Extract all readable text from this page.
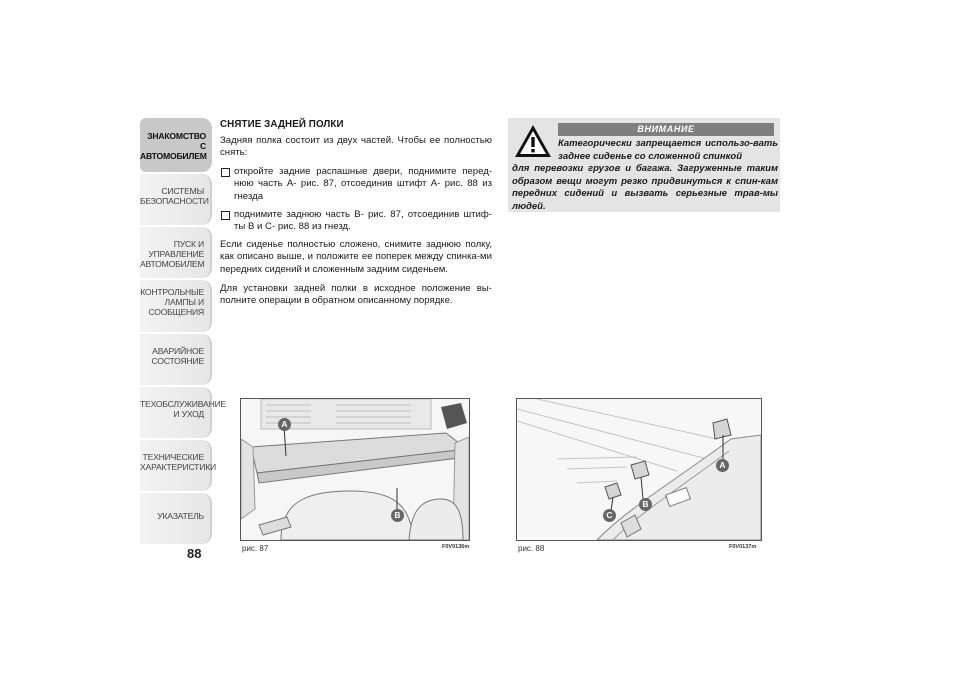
ЗНАКОМСТВО С
АВТОМОБИЛЕМ
СИСТЕМЫ
БЕЗОПАСНОСТИ
ПУСК И УПРАВЛЕНИЕ
АВТОМОБИЛЕМ
КОНТРОЛЬНЫЕ
ЛАМПЫ И
СООБЩЕНИЯ
АВАРИЙНОЕ
СОСТОЯНИЕ
ТЕХОБСЛУЖИВАНИЕ
И УХОД
ТЕХНИЧЕСКИЕ
ХАРАКТЕРИСТИКИ
УКАЗАТЕЛЬ
88
СНЯТИЕ ЗАДНЕЙ ПОЛКИ
Задняя полка состоит из двух частей. Чтобы ее полностью снять:
откройте задние распашные двери, поднимите перед-нюю часть А- рис. 87, отсоединив штифт А- рис. 88 из гнезда
поднимите заднюю часть В- рис. 87, отсоединив штиф-ты В и С- рис. 88 из гнезд.
Если сиденье полностью сложено, снимите заднюю полку, как описано выше, и положите ее поперек между спинка-ми передних сидений и сложенным задним сиденьем.
Для установки задней полки в исходное положение вы-полните операции в обратном описанному порядке.
ВНИМАНИЕ
Категорически запрещается использо-вать заднее сиденье со сложенной спинкой
для перевозки грузов и багажа. Загруженные таким образом вещи могут резко придвинуться к спин-кам передних сидений и вызвать серьезные трав-мы людей.
A
B
рис. 87	F0V0136m
A
B
C
рис. 88	F0V0137m
